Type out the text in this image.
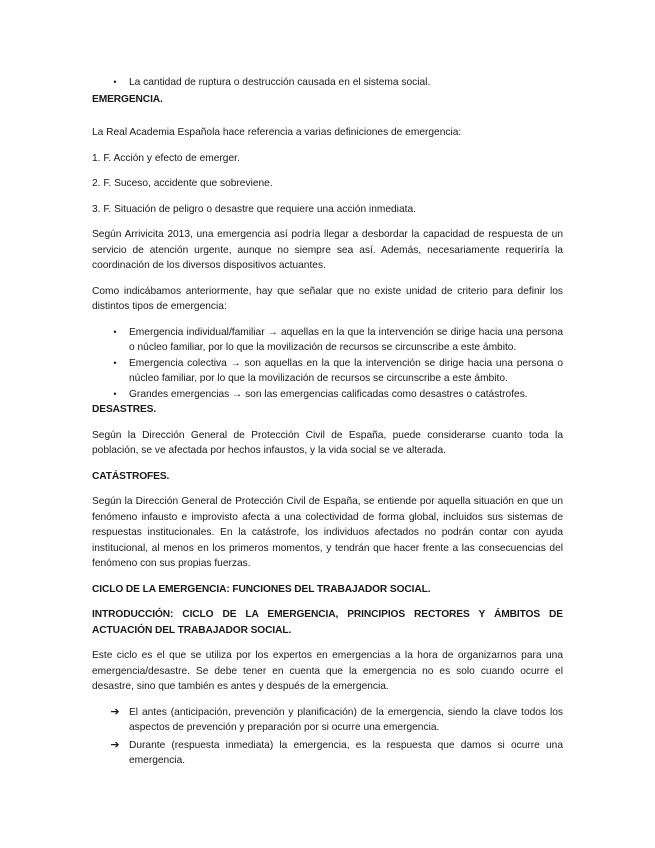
•	La cantidad de ruptura o destrucción causada en el sistema social.
EMERGENCIA.

La Real Academia Española hace referencia a varias definiciones de emergencia:

1. F. Acción y efecto de emerger.

2. F. Suceso, accidente que sobreviene.

3. F. Situación de peligro o desastre que requiere una acción inmediata.

Según Arrivicita 2013, una emergencia así podría llegar a desbordar la capacidad de respuesta de un servicio de atención urgente, aunque no siempre sea así. Además, necesariamente requeriría la coordinación de los diversos dispositivos actuantes.

Como indicábamos anteriormente, hay que señalar que no existe unidad de criterio para definir los distintos tipos de emergencia:

•	Emergencia individual/familiar → aquellas en la que la intervención se dirige hacia una persona o núcleo familiar, por lo que la movilización de recursos se circunscribe a este ámbito.
•	Emergencia colectiva → son aquellas en la que la intervención se dirige hacia una persona o núcleo familiar, por lo que la movilización de recursos se circunscribe a este ámbito.
•	Grandes emergencias → son las emergencias calificadas como desastres o catástrofes.
DESASTRES.

Según la Dirección General de Protección Civil de España, puede considerarse cuanto toda la población, se ve afectada por hechos infaustos, y la vida social se ve alterada.

CATÁSTROFES.

Según la Dirección General de Protección Civil de España, se entiende por aquella situación en que un fenómeno infausto e improvisto afecta a una colectividad de forma global, incluidos sus sistemas de respuestas institucionales. En la catástrofe, los individuos afectados no podrán contar con ayuda institucional, al menos en los primeros momentos, y tendrán que hacer frente a las consecuencias del fenómeno con sus propias fuerzas.

CICLO DE LA EMERGENCIA: FUNCIONES DEL TRABAJADOR SOCIAL.
INTRODUCCIÓN: CICLO DE LA EMERGENCIA, PRINCIPIOS RECTORES Y ÁMBITOS DE ACTUACIÓN DEL TRABAJADOR SOCIAL.

Este ciclo es el que se utiliza por los expertos en emergencias a la hora de organizarnos para una emergencia/desastre. Se debe tener en cuenta que la emergencia no es solo cuando ocurre el desastre, sino que también es antes y después de la emergencia.

➔ El antes (anticipación, prevención y planificación) de la emergencia, siendo la clave todos los aspectos de prevención y preparación por si ocurre una emergencia.
➔ Durante (respuesta inmediata) la emergencia, es la respuesta que damos si ocurre una emergencia.
